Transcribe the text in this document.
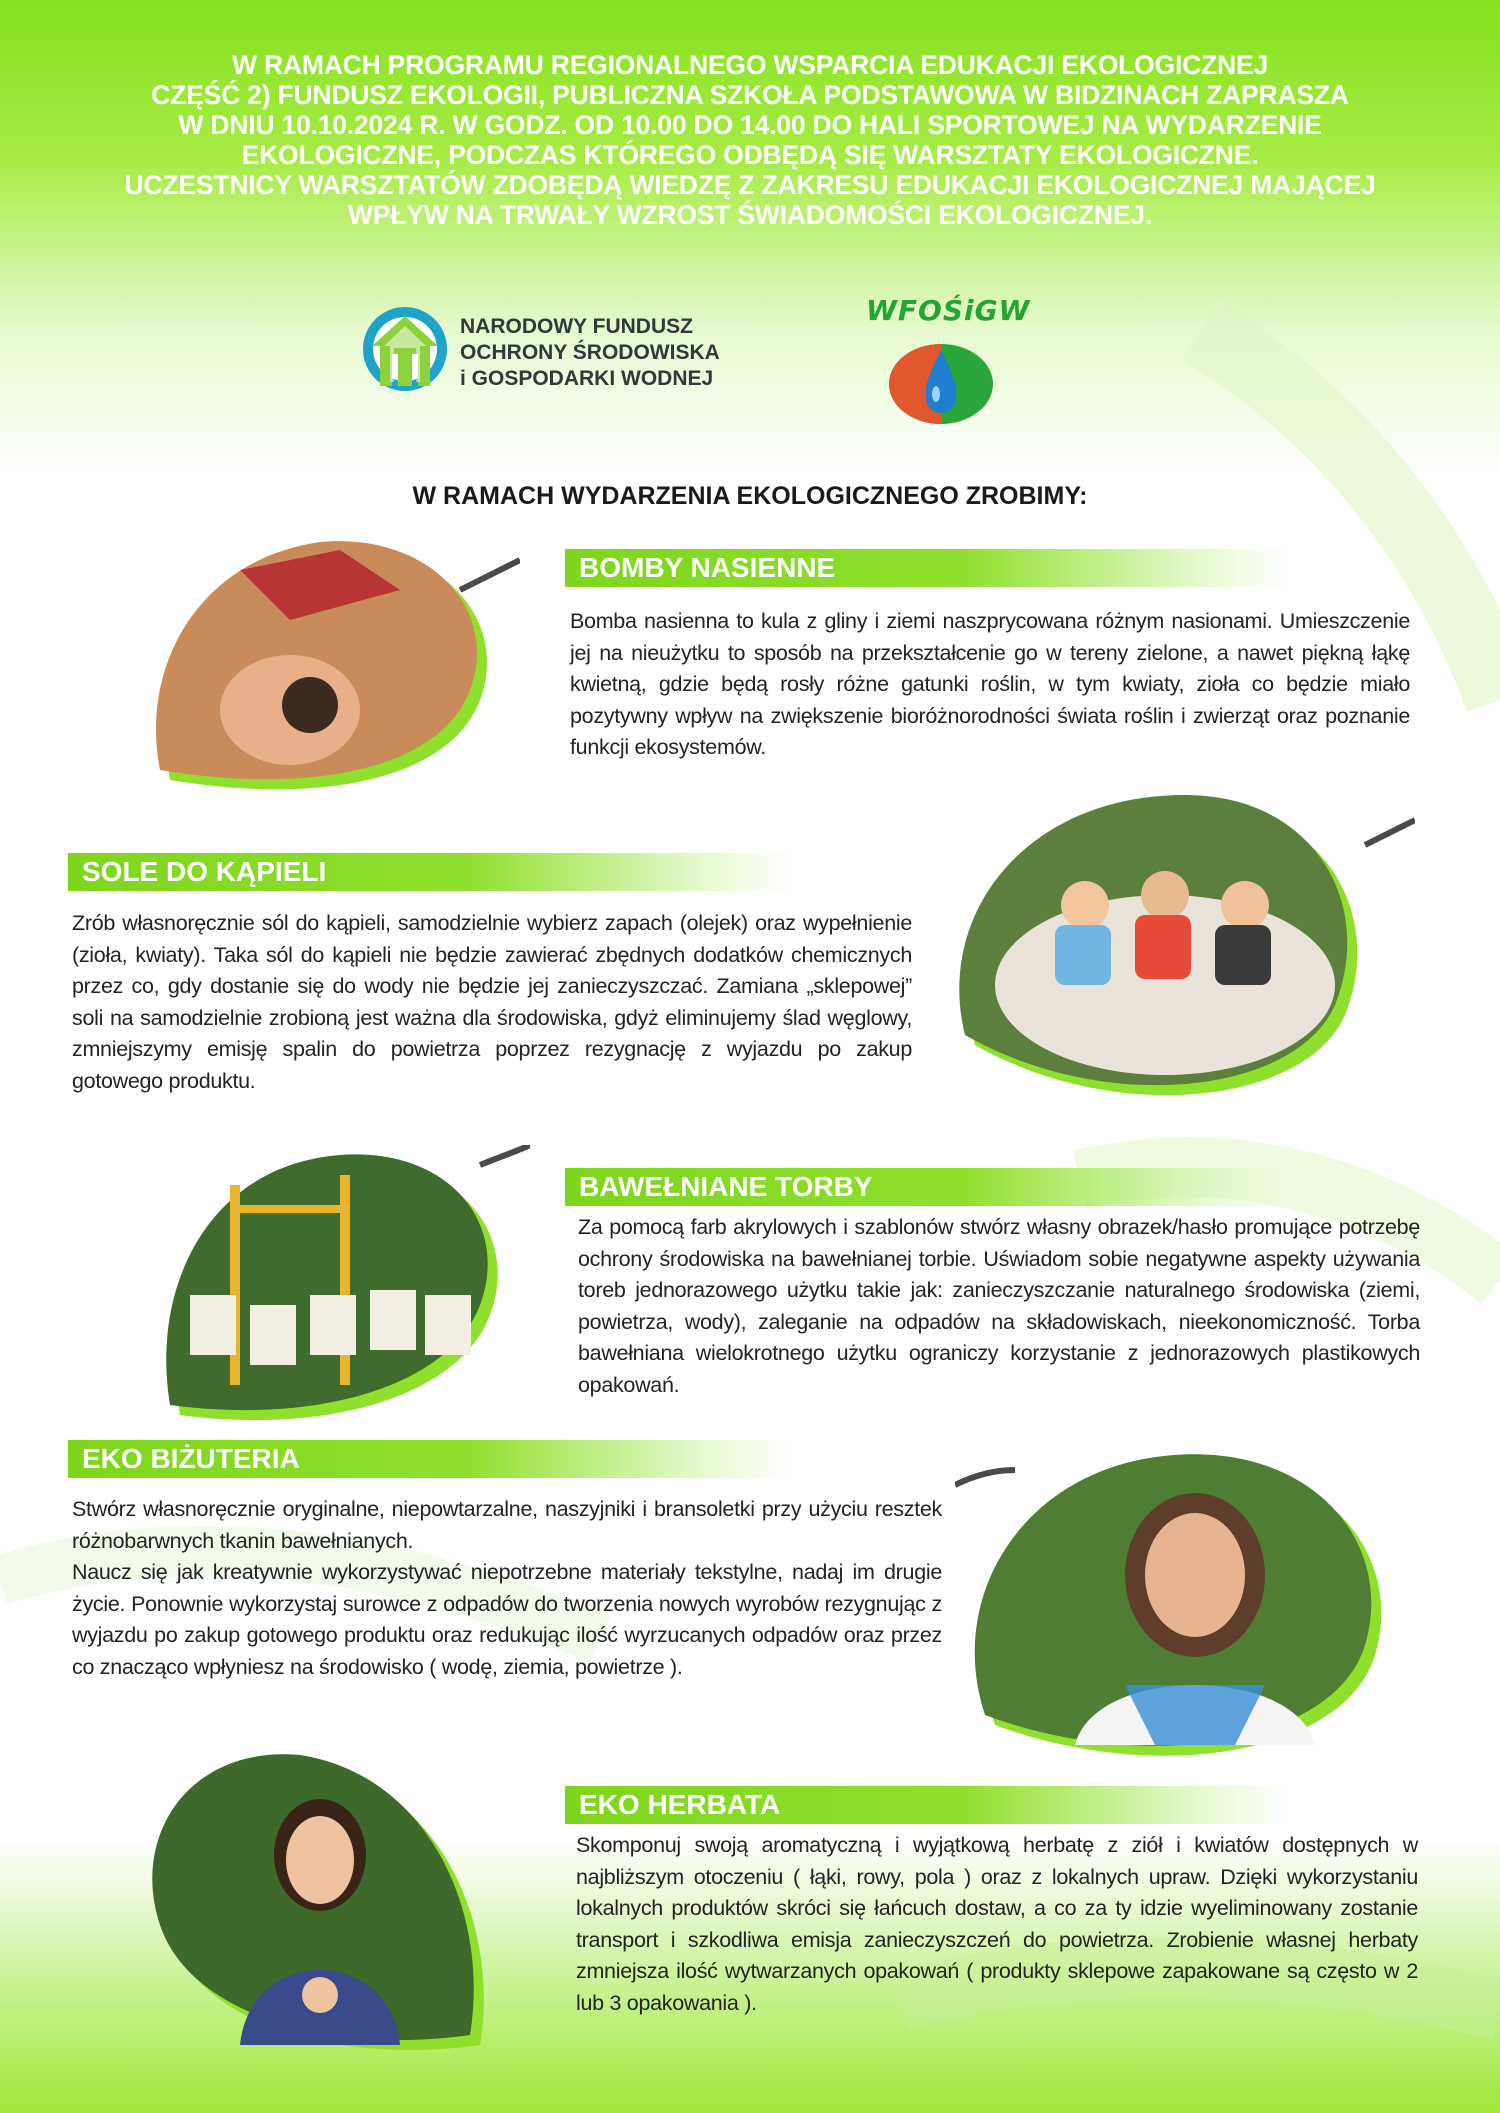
W RAMACH PROGRAMU REGIONALNEGO WSPARCIA EDUKACJI EKOLOGICZNEJ
CZĘŚĆ 2) FUNDUSZ EKOLOGII, PUBLICZNA SZKOŁA PODSTAWOWA W BIDZINACH ZAPRASZA
W DNIU 10.10.2024 R. W GODZ. OD 10.00 DO 14.00 DO HALI SPORTOWEJ NA WYDARZENIE
EKOLOGICZNE, PODCZAS KTÓREGO ODBĘDĄ SIĘ WARSZTATY EKOLOGICZNE.
UCZESTNICY WARSZTATÓW ZDOBĘDĄ WIEDZĘ Z ZAKRESU EDUKACJI EKOLOGICZNEJ MAJĄCEJ
WPŁYW NA TRWAŁY WZROST ŚWIADOMOŚCI EKOLOGICZNEJ.
NARODOWY FUNDUSZ
OCHRONY ŚRODOWISKA
i GOSPODARKI WODNEJ
WFOŚiGW
W RAMACH WYDARZENIA EKOLOGICZNEGO ZROBIMY:
BOMBY NASIENNE
Bomba nasienna to kula z gliny i ziemi naszprycowana różnym nasionami. Umieszczenie jej na nieużytku to sposób na przekształcenie go w tereny zielone, a nawet piękną łąkę kwietną, gdzie będą rosły różne gatunki roślin, w tym kwiaty, zioła co będzie miało pozytywny wpływ na zwiększenie bioróżnorodności świata roślin i zwierząt oraz poznanie funkcji ekosystemów.
SOLE DO KĄPIELI
Zrób własnoręcznie sól do kąpieli, samodzielnie wybierz zapach (olejek) oraz wypełnienie (zioła, kwiaty). Taka sól do kąpieli nie będzie zawierać zbędnych dodatków chemicznych przez co, gdy dostanie się do wody nie będzie jej zanieczyszczać. Zamiana „sklepowej” soli na samodzielnie zrobioną jest ważna dla środowiska, gdyż eliminujemy ślad węglowy, zmniejszymy emisję spalin do powietrza poprzez rezygnację z wyjazdu po zakup gotowego produktu.
BAWEŁNIANE TORBY
Za pomocą farb akrylowych i szablonów stwórz własny obrazek/hasło promujące potrzebę ochrony środowiska na bawełnianej torbie. Uświadom sobie negatywne aspekty używania toreb jednorazowego użytku takie jak: zanieczyszczanie naturalnego środowiska (ziemi, powietrza, wody), zaleganie na odpadów na składowiskach, nieekonomiczność. Torba bawełniana wielokrotnego użytku ograniczy korzystanie z jednorazowych plastikowych opakowań.
EKO BIŻUTERIA
Stwórz własnoręcznie oryginalne, niepowtarzalne, naszyjniki i bransoletki przy użyciu resztek różnobarwnych tkanin bawełnianych.
Naucz się jak kreatywnie wykorzystywać niepotrzebne materiały tekstylne, nadaj im drugie życie. Ponownie wykorzystaj surowce z odpadów do tworzenia nowych wyrobów rezygnując z wyjazdu po zakup gotowego produktu oraz redukując ilość wyrzucanych odpadów oraz przez co znacząco wpłyniesz na środowisko ( wodę, ziemia, powietrze ).
EKO HERBATA
Skomponuj swoją aromatyczną i wyjątkową herbatę z ziół i kwiatów dostępnych w najbliższym otoczeniu ( łąki, rowy, pola ) oraz z lokalnych upraw. Dzięki wykorzystaniu lokalnych produktów skróci się łańcuch dostaw, a co za ty idzie wyeliminowany zostanie transport i szkodliwa emisja zanieczyszczeń do powietrza. Zrobienie własnej herbaty zmniejsza ilość wytwarzanych opakowań ( produkty sklepowe zapakowane są często w 2 lub 3 opakowania ).
